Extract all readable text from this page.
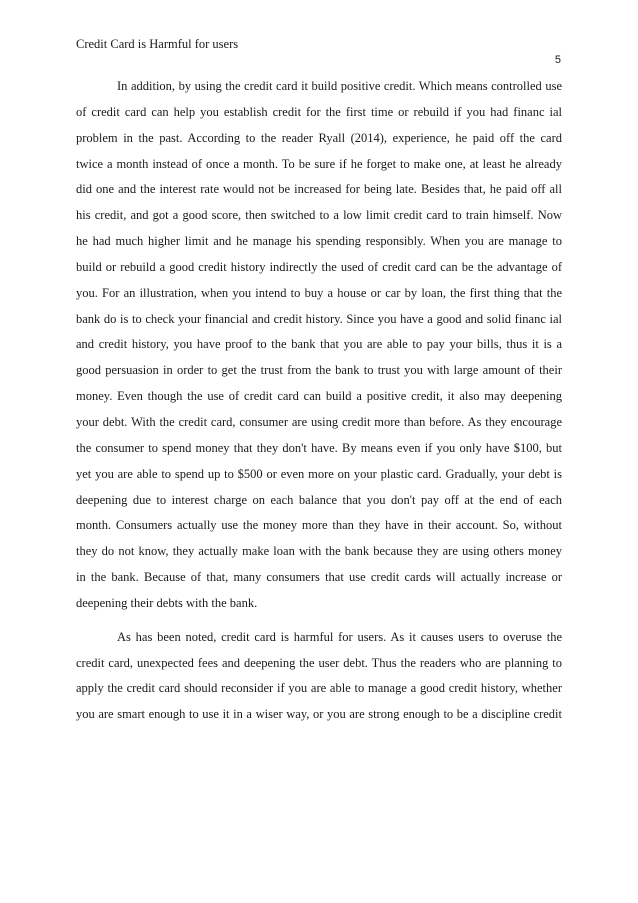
Credit Card is Harmful for users
5
In addition, by using the credit card it build positive credit. Which means controlled use
of credit card can help you establish credit for the first time or rebuild if you had financ ial
problem in the past. According to the reader Ryall (2014), experience, he paid off the card
twice a month instead of once a month. To be sure if he forget to make one, at least he already
did one and the interest rate would not be increased for being late. Besides that, he paid off all
his credit, and got a good score, then switched to a low limit credit card to train himself. Now
he had much higher limit and he manage his spending responsibly. When you are manage to
build or rebuild a good credit history indirectly the used of credit card can be the advantage of
you. For an illustration, when you intend to buy a house or car by loan, the first thing that the
bank do is to check your financial and credit history. Since you have a good and solid financ ial
and credit history, you have proof to the bank that you are able to pay your bills, thus it is a
good persuasion in order to get the trust from the bank to trust you with large amount of their
money. Even though the use of credit card can build a positive credit, it also may deepening
your debt. With the credit card, consumer are using credit more than before. As they encourage
the consumer to spend money that they don't have. By means even if you only have $100, but
yet you are able to spend up to $500 or even more on your plastic card. Gradually, your debt is
deepening due to interest charge on each balance that you don't pay off at the end of each
month. Consumers actually use the money more than they have in their account. So, without
they do not know, they actually make loan with the bank because they are using others money
in the bank. Because of that, many consumers that use credit cards will actually increase or
deepening their debts with the bank.
As has been noted, credit card is harmful for users. As it causes users to overuse the
credit card, unexpected fees and deepening the user debt. Thus the readers who are planning to
apply the credit card should reconsider if you are able to manage a good credit history, whether
you are smart enough to use it in a wiser way, or you are strong enough to be a discipline credit
